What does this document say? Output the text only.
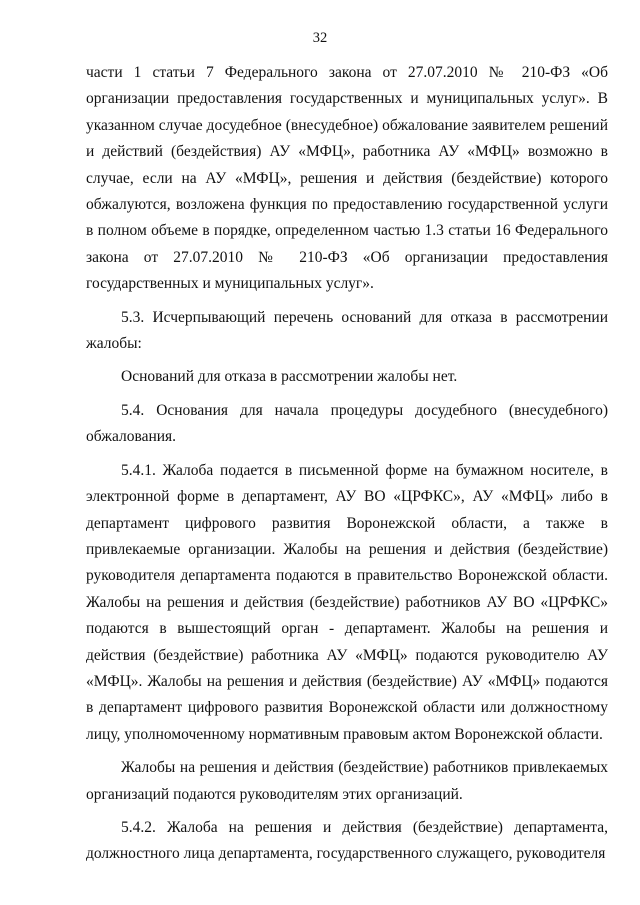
32

части 1 статьи 7 Федерального закона от 27.07.2010 № 210-ФЗ «Об организации предоставления государственных и муниципальных услуг». В указанном случае досудебное (внесудебное) обжалование заявителем решений и действий (бездействия) АУ «МФЦ», работника АУ «МФЦ» возможно в случае, если на АУ «МФЦ», решения и действия (бездействие) которого обжалуются, возложена функция по предоставлению государственной услуги в полном объеме в порядке, определенном частью 1.3 статьи 16 Федерального закона от 27.07.2010 № 210-ФЗ «Об организации предоставления государственных и муниципальных услуг».

5.3. Исчерпывающий перечень оснований для отказа в рассмотрении жалобы:

Оснований для отказа в рассмотрении жалобы нет.

5.4. Основания для начала процедуры досудебного (внесудебного) обжалования.

5.4.1. Жалоба подается в письменной форме на бумажном носителе, в электронной форме в департамент, АУ ВО «ЦРФКС», АУ «МФЦ» либо в департамент цифрового развития Воронежской области, а также в привлекаемые организации. Жалобы на решения и действия (бездействие) руководителя департамента подаются в правительство Воронежской области. Жалобы на решения и действия (бездействие) работников АУ ВО «ЦРФКС» подаются в вышестоящий орган - департамент. Жалобы на решения и действия (бездействие) работника АУ «МФЦ» подаются руководителю АУ «МФЦ». Жалобы на решения и действия (бездействие) АУ «МФЦ» подаются в департамент цифрового развития Воронежской области или должностному лицу, уполномоченному нормативным правовым актом Воронежской области.

Жалобы на решения и действия (бездействие) работников привлекаемых организаций подаются руководителям этих организаций.

5.4.2. Жалоба на решения и действия (бездействие) департамента, должностного лица департамента, государственного служащего, руководителя
